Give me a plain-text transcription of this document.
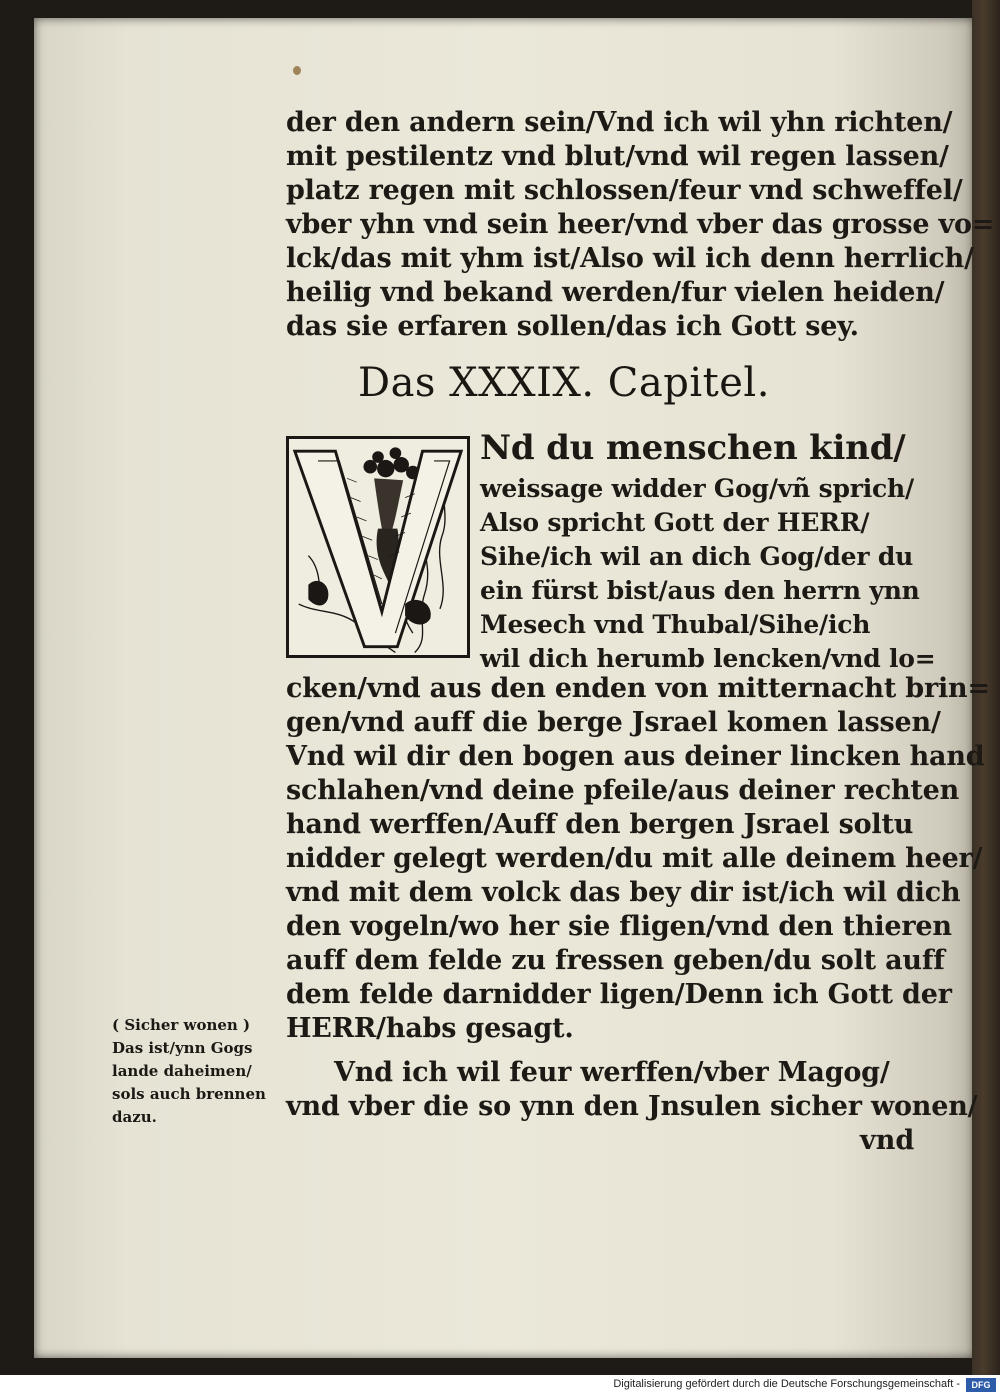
der den andern sein/Vnd ich wil yhn richten/
mit pestilentz vnd blut/vnd wil regen lassen/
platz regen mit schlossen/feur vnd schweffel/
vber yhn vnd sein heer/vnd vber das grosse vo=
lck/das mit yhm ist/Also wil ich denn herrlich/
heilig vnd bekand werden/fur vielen heiden/
das sie erfaren sollen/das ich Gott sey.
Das XXXIX. Capitel.
Nd du menschen kind/
weissage widder Gog/vñ sprich/
Also spricht Gott der HERR/
Sihe/ich wil an dich Gog/der du
ein fürst bist/aus den herrn ynn
Mesech vnd Thubal/Sihe/ich
wil dich herumb lencken/vnd lo=
cken/vnd aus den enden von mitternacht brin=
gen/vnd auff die berge Jsrael komen lassen/
Vnd wil dir den bogen aus deiner lincken hand
schlahen/vnd deine pfeile/aus deiner rechten
hand werffen/Auff den bergen Jsrael soltu
nidder gelegt werden/du mit alle deinem heer/
vnd mit dem volck das bey dir ist/ich wil dich
den vogeln/wo her sie fligen/vnd den thieren
auff dem felde zu fressen geben/du solt auff
dem felde darnidder ligen/Denn ich Gott der
HERR/habs gesagt.
Vnd ich wil feur werffen/vber Magog/
vnd vber die so ynn den Jnsulen sicher wonen/
vnd
( Sicher wonen )
Das ist/ynn Gogs
lande daheimen/
sols auch brennen
dazu.
Digitalisierung gefördert durch die Deutsche Forschungsgemeinschaft -	DFG
